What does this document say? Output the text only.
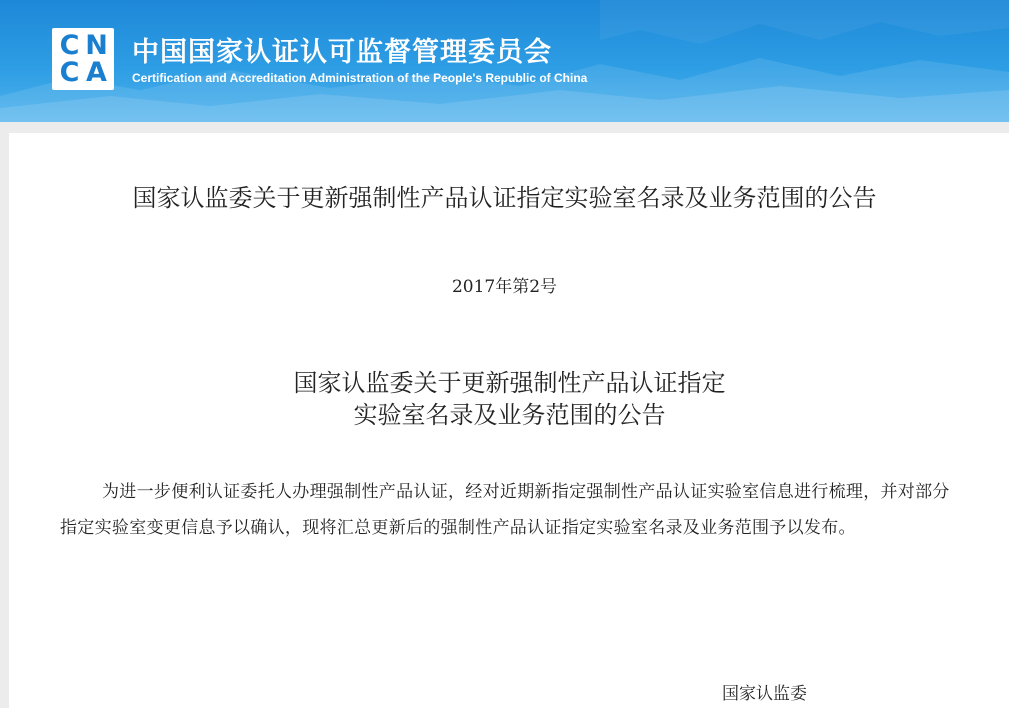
C N
C A
中国国家认证认可监督管理委员会
Certification and Accreditation Administration of the People's Republic of China
国家认监委关于更新强制性产品认证指定实验室名录及业务范围的公告
2017年第2号
国家认监委关于更新强制性产品认证指定
实验室名录及业务范围的公告
为进一步便利认证委托人办理强制性产品认证，经对近期新指定强制性产品认证实验室信息进行梳理，并对部分指定实验室变更信息予以确认，现将汇总更新后的强制性产品认证指定实验室名录及业务范围予以发布。
国家认监委
